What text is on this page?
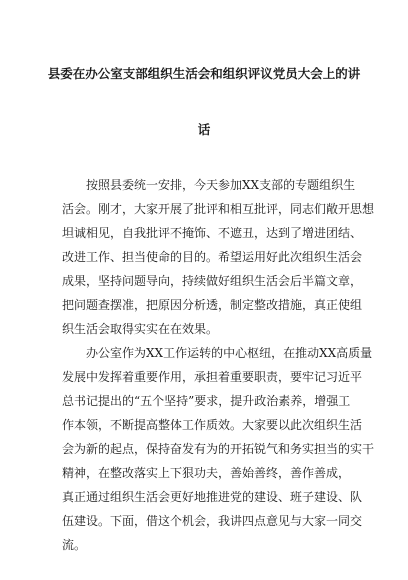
县委在办公室支部组织生活会和组织评议党员大会上的讲
话
按照县委统一安排，今天参加XX支部的专题组织生
活会。刚才，大家开展了批评和相互批评，同志们敞开思想
坦诚相见，自我批评不掩饰、不遮丑，达到了增进团结、
改进工作、担当使命的目的。希望运用好此次组织生活会
成果，坚持问题导向，持续做好组织生活会后半篇文章，
把问题查摆准，把原因分析透，制定整改措施，真正使组
织生活会取得实实在在效果。
办公室作为XX工作运转的中心枢纽，在推动XX高质量
发展中发挥着重要作用，承担着重要职责，要牢记习近平
总书记提出的“五个坚持”要求，提升政治素养，增强工
作本领，不断提高整体工作质效。大家要以此次组织生活
会为新的起点，保持奋发有为的开拓锐气和务实担当的实干
精神，在整改落实上下狠功夫，善始善终，善作善成，
真正通过组织生活会更好地推进党的建设、班子建设、队
伍建设。下面，借这个机会，我讲四点意见与大家一同交
流。
